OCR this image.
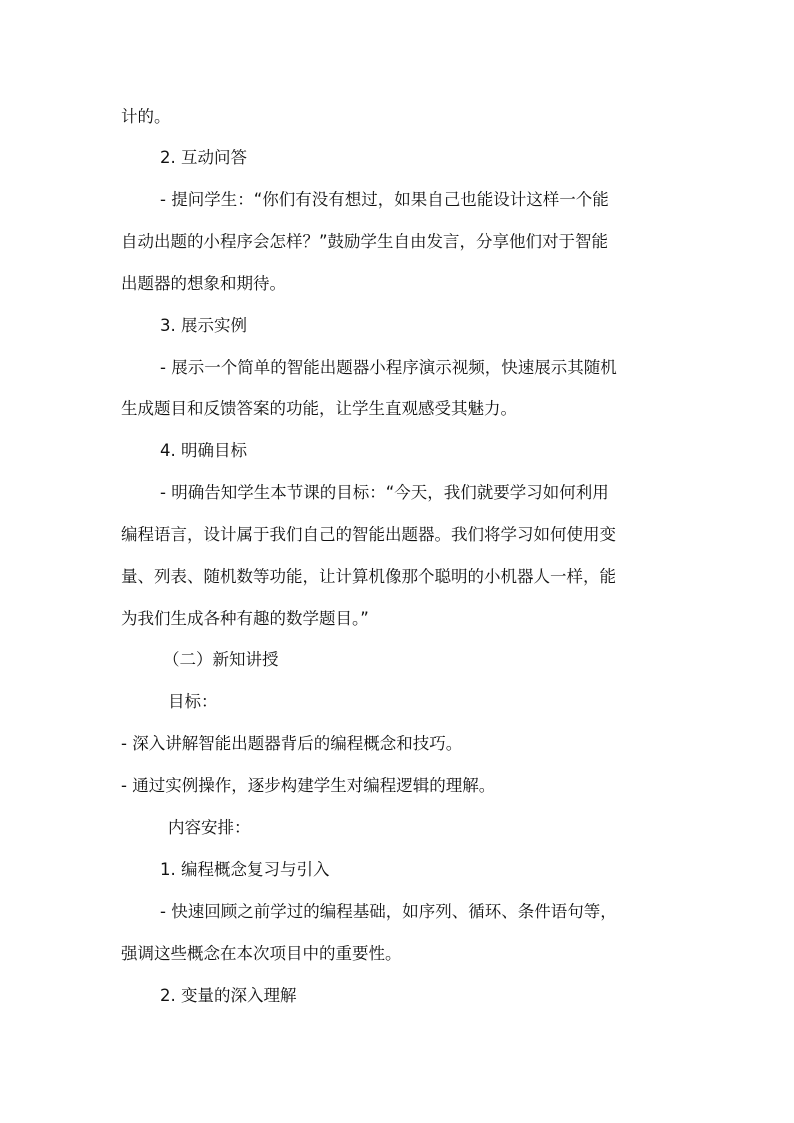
计的。
2. 互动问答
- 提问学生：“你们有没有想过，如果自己也能设计这样一个能
自动出题的小程序会怎样？”鼓励学生自由发言，分享他们对于智能
出题器的想象和期待。
3. 展示实例
- 展示一个简单的智能出题器小程序演示视频，快速展示其随机
生成题目和反馈答案的功能，让学生直观感受其魅力。
4. 明确目标
- 明确告知学生本节课的目标：“今天，我们就要学习如何利用
编程语言，设计属于我们自己的智能出题器。我们将学习如何使用变
量、列表、随机数等功能，让计算机像那个聪明的小机器人一样，能
为我们生成各种有趣的数学题目。”
（二）新知讲授
目标：
- 深入讲解智能出题器背后的编程概念和技巧。
- 通过实例操作，逐步构建学生对编程逻辑的理解。
内容安排：
1. 编程概念复习与引入
- 快速回顾之前学过的编程基础，如序列、循环、条件语句等，
强调这些概念在本次项目中的重要性。
2. 变量的深入理解
